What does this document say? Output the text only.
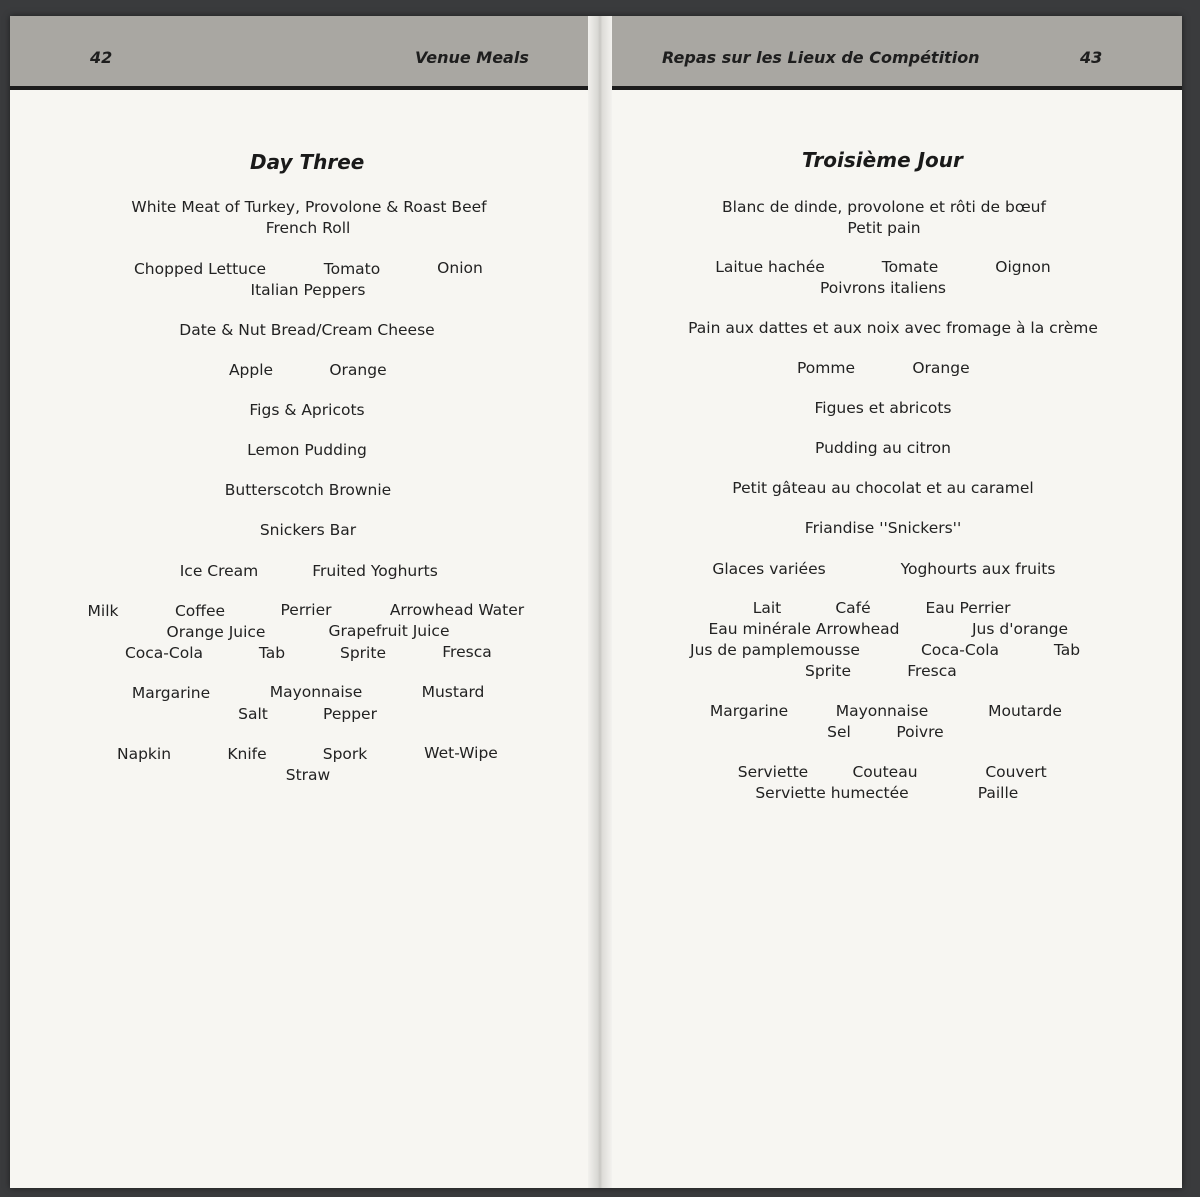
42	Venue Meals
Day Three
White Meat of Turkey, Provolone & Roast Beef
French Roll
Chopped Lettuce	Tomato	Onion
Italian Peppers
Date & Nut Bread/Cream Cheese
Apple	Orange
Figs & Apricots
Lemon Pudding
Butterscotch Brownie
Snickers Bar
Ice Cream	Fruited Yoghurts
Milk	Coffee	Perrier	Arrowhead Water
Orange Juice	Grapefruit Juice
Coca-Cola	Tab	Sprite	Fresca
Margarine	Mayonnaise	Mustard
Salt	Pepper
Napkin	Knife	Spork	Wet-Wipe
Straw
Repas sur les Lieux de Compétition	43
Troisième Jour
Blanc de dinde, provolone et rôti de bœuf
Petit pain
Laitue hachée	Tomate	Oignon
Poivrons italiens
Pain aux dattes et aux noix avec fromage à la crème
Pomme	Orange
Figues et abricots
Pudding au citron
Petit gâteau au chocolat et au caramel
Friandise ''Snickers''
Glaces variées	Yoghourts aux fruits
Lait	Café	Eau Perrier
Eau minérale Arrowhead	Jus d'orange
Jus de pamplemousse	Coca-Cola	Tab
Sprite	Fresca
Margarine	Mayonnaise	Moutarde
Sel	Poivre
Serviette	Couteau	Couvert
Serviette humectée	Paille
